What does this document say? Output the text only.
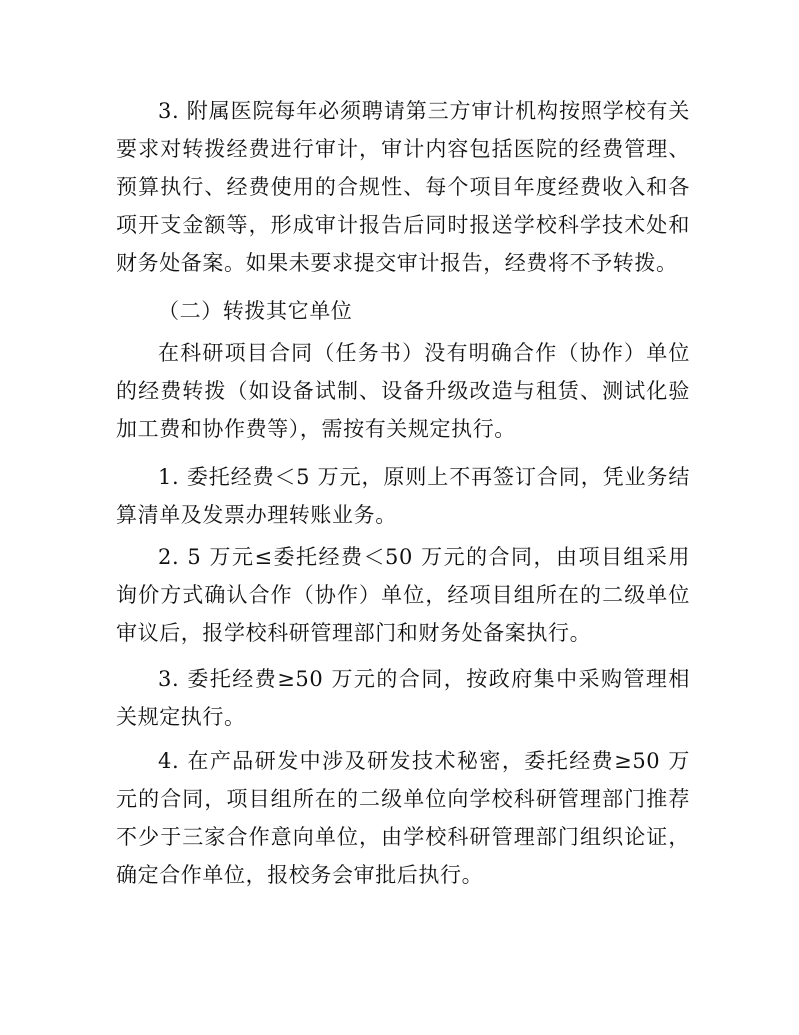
3. 附属医院每年必须聘请第三方审计机构按照学校有关要求对转拨经费进行审计，审计内容包括医院的经费管理、预算执行、经费使用的合规性、每个项目年度经费收入和各项开支金额等，形成审计报告后同时报送学校科学技术处和财务处备案。如果未要求提交审计报告，经费将不予转拨。

（二）转拨其它单位

在科研项目合同（任务书）没有明确合作（协作）单位的经费转拨（如设备试制、设备升级改造与租赁、测试化验加工费和协作费等），需按有关规定执行。

1. 委托经费＜5 万元，原则上不再签订合同，凭业务结算清单及发票办理转账业务。

2. 5 万元≤委托经费＜50 万元的合同，由项目组采用询价方式确认合作（协作）单位，经项目组所在的二级单位审议后，报学校科研管理部门和财务处备案执行。

3. 委托经费≥50 万元的合同，按政府集中采购管理相关规定执行。

4. 在产品研发中涉及研发技术秘密，委托经费≥50 万元的合同，项目组所在的二级单位向学校科研管理部门推荐不少于三家合作意向单位，由学校科研管理部门组织论证，确定合作单位，报校务会审批后执行。
